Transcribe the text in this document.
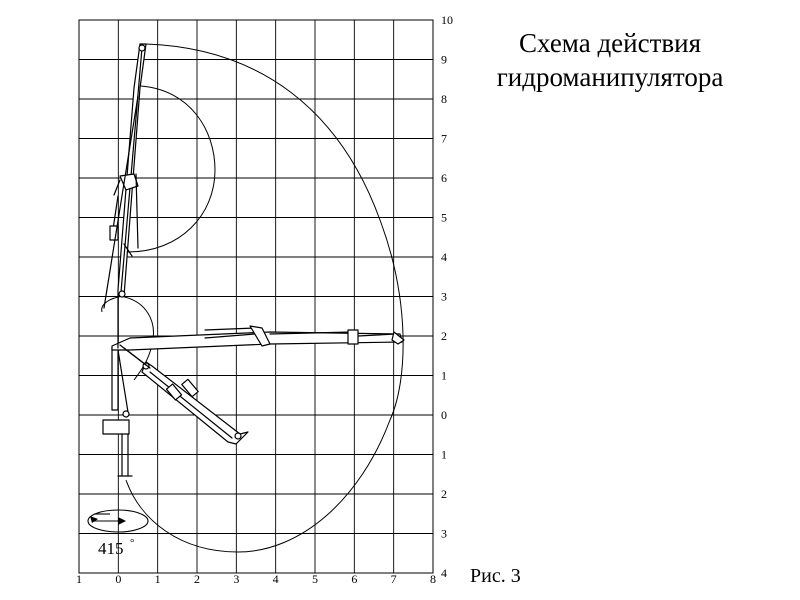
1	0	1	2	3	4	5	6	7	8
10
9
8
7
6
5
4
3
2
1
0
1
2
3
4
415 °
Схема действия
гидроманипулятора
Рис. 3
